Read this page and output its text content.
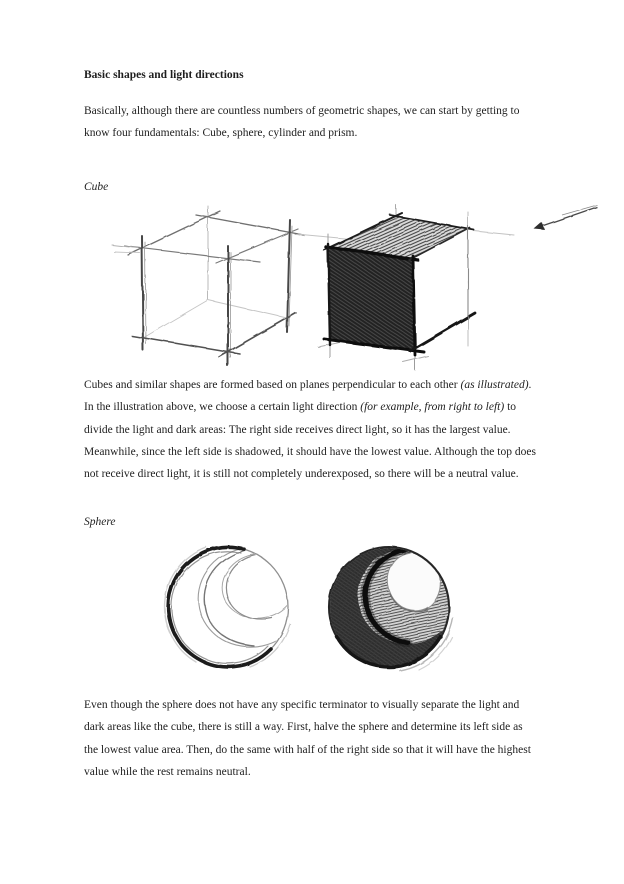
Basic shapes and light directions

Basically, although there are countless numbers of geometric shapes, we can start by getting to know four fundamentals: Cube, sphere, cylinder and prism.

Cube

Cubes and similar shapes are formed based on planes perpendicular to each other (as illustrated). In the illustration above, we choose a certain light direction (for example, from right to left) to divide the light and dark areas: The right side receives direct light, so it has the largest value. Meanwhile, since the left side is shadowed, it should have the lowest value. Although the top does not receive direct light, it is still not completely underexposed, so there will be a neutral value.

Sphere

Even though the sphere does not have any specific terminator to visually separate the light and dark areas like the cube, there is still a way. First, halve the sphere and determine its left side as the lowest value area. Then, do the same with half of the right side so that it will have the highest value while the rest remains neutral.
